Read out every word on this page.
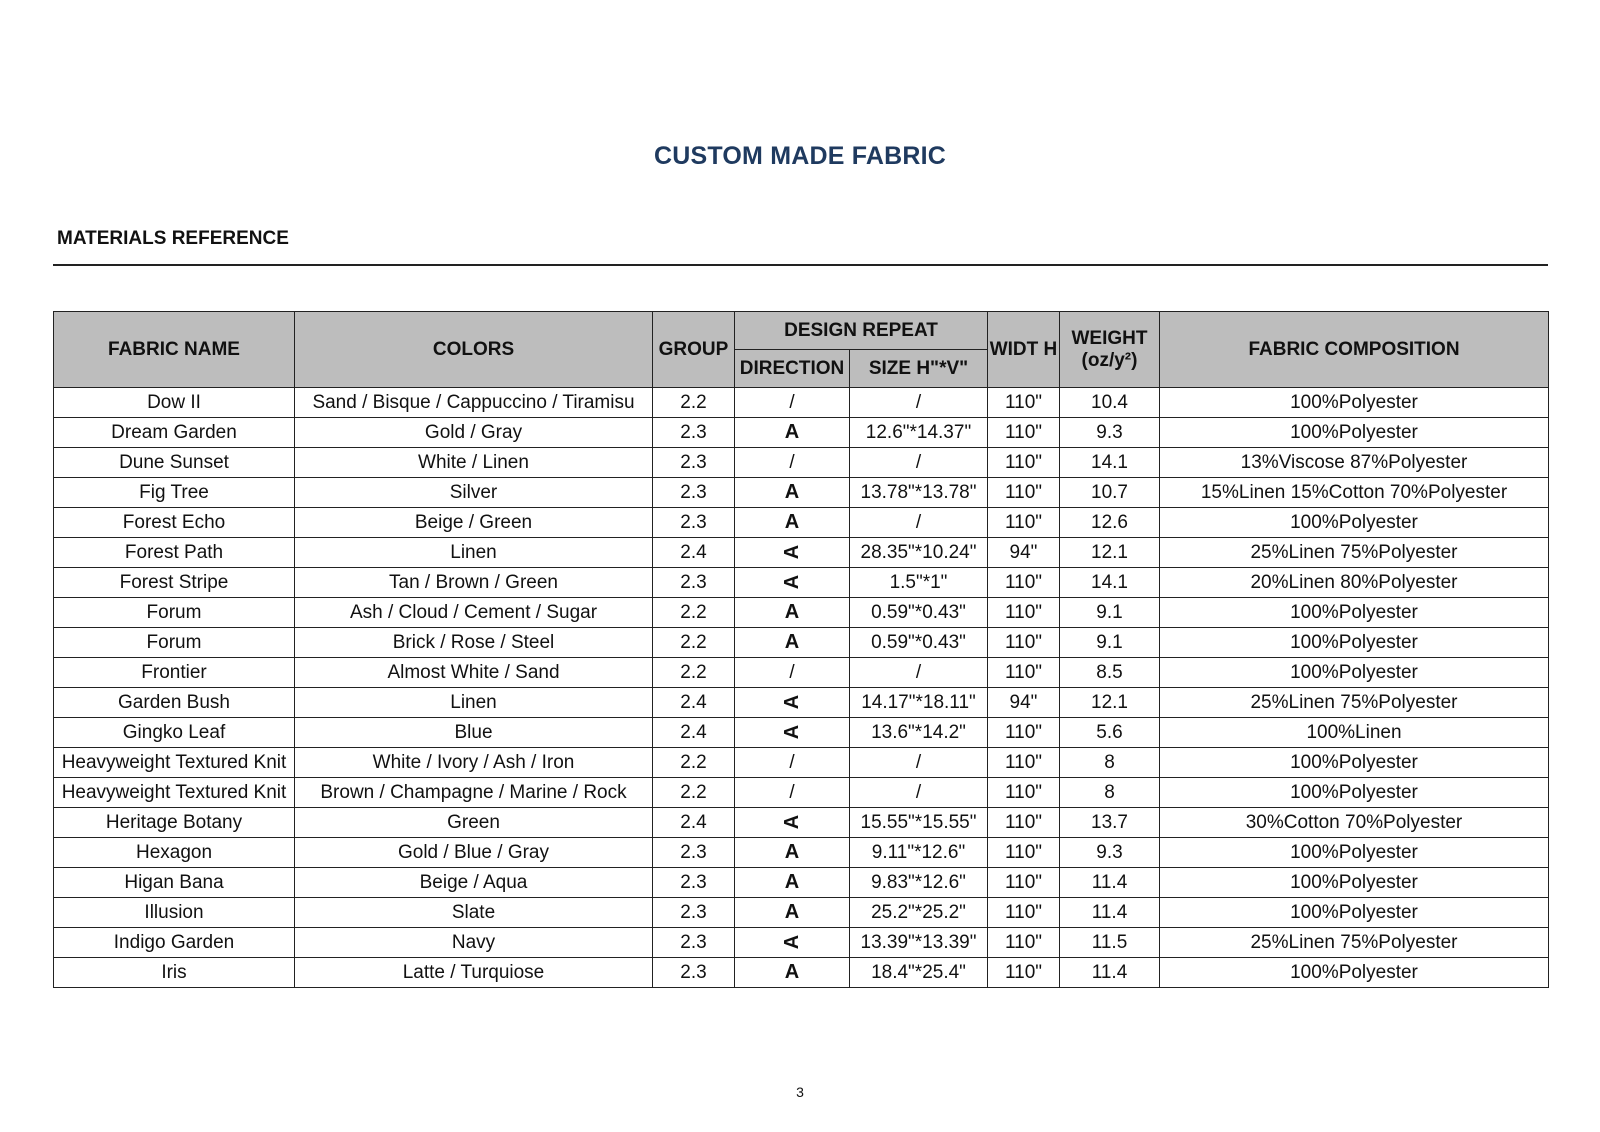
CUSTOM MADE FABRIC
MATERIALS REFERENCE
FABRIC NAME	COLORS	GROUP	DESIGN REPEAT		WIDT H	WEIGHT (oz/y²)	FABRIC COMPOSITION
			DIRECTION	SIZE H"*V"			
Dow II	Sand / Bisque / Cappuccino / Tiramisu	2.2	/	/	110"	10.4	100%Polyester
Dream Garden	Gold / Gray	2.3	A	12.6"*14.37"	110"	9.3	100%Polyester
Dune Sunset	White / Linen	2.3	/	/	110"	14.1	13%Viscose 87%Polyester
Fig Tree	Silver	2.3	A	13.78"*13.78"	110"	10.7	15%Linen 15%Cotton 70%Polyester
Forest Echo	Beige / Green	2.3	A	/	110"	12.6	100%Polyester
Forest Path	Linen	2.4	A	28.35"*10.24"	94"	12.1	25%Linen 75%Polyester
Forest Stripe	Tan / Brown / Green	2.3	A	1.5"*1"	110"	14.1	20%Linen 80%Polyester
Forum	Ash / Cloud / Cement / Sugar	2.2	A	0.59"*0.43"	110"	9.1	100%Polyester
Forum	Brick / Rose / Steel	2.2	A	0.59"*0.43"	110"	9.1	100%Polyester
Frontier	Almost White / Sand	2.2	/	/	110"	8.5	100%Polyester
Garden Bush	Linen	2.4	A	14.17"*18.11"	94"	12.1	25%Linen 75%Polyester
Gingko Leaf	Blue	2.4	A	13.6"*14.2"	110"	5.6	100%Linen
Heavyweight Textured Knit	White / Ivory / Ash / Iron	2.2	/	/	110"	8	100%Polyester
Heavyweight Textured Knit	Brown / Champagne / Marine / Rock	2.2	/	/	110"	8	100%Polyester
Heritage Botany	Green	2.4	A	15.55"*15.55"	110"	13.7	30%Cotton 70%Polyester
Hexagon	Gold / Blue / Gray	2.3	A	9.11"*12.6"	110"	9.3	100%Polyester
Higan Bana	Beige / Aqua	2.3	A	9.83"*12.6"	110"	11.4	100%Polyester
Illusion	Slate	2.3	A	25.2"*25.2"	110"	11.4	100%Polyester
Indigo Garden	Navy	2.3	A	13.39"*13.39"	110"	11.5	25%Linen 75%Polyester
Iris	Latte / Turquiose	2.3	A	18.4"*25.4"	110"	11.4	100%Polyester
3
